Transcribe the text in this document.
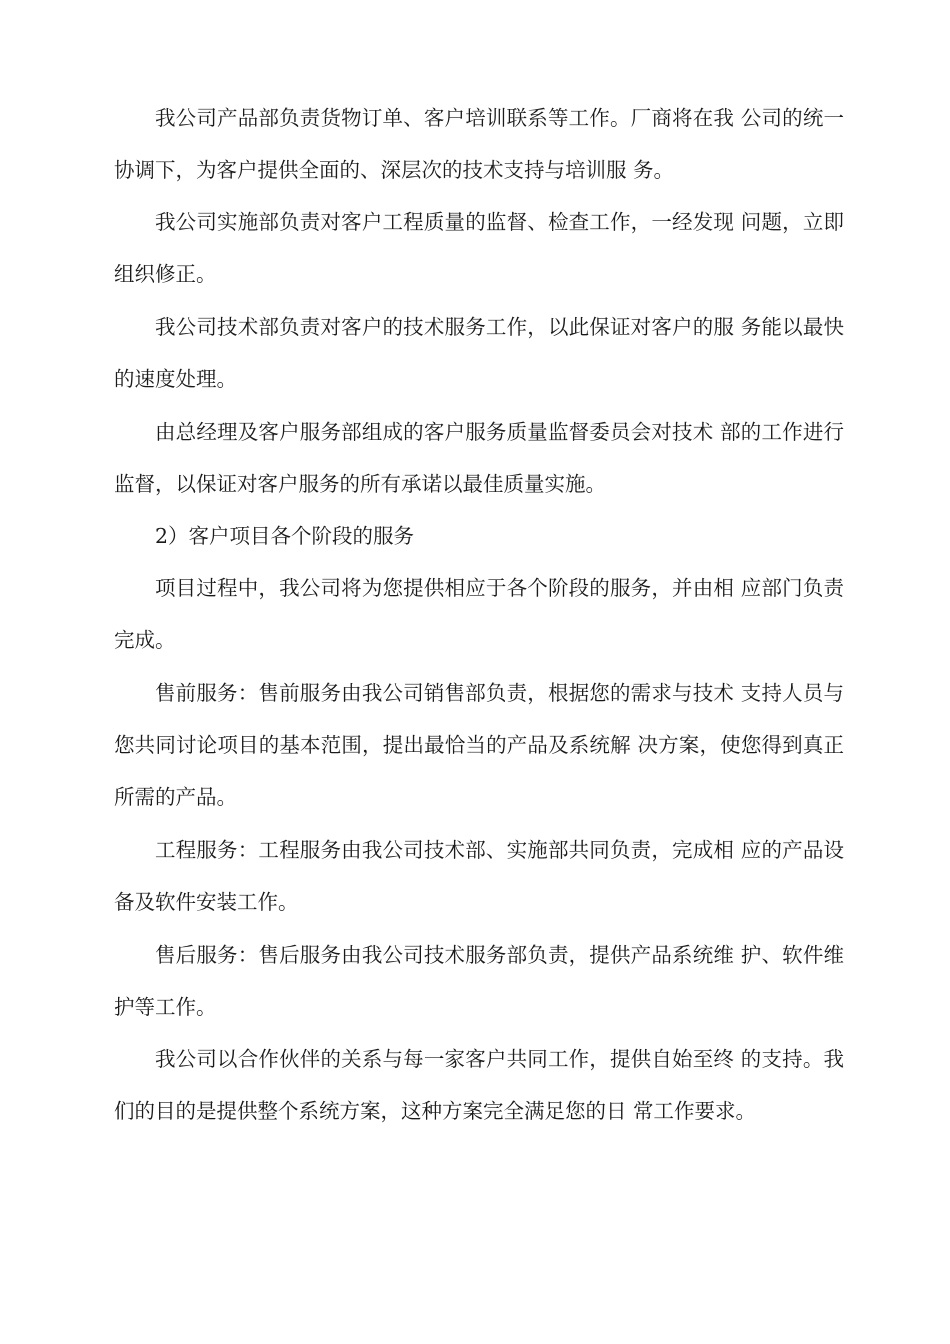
我公司产品部负责货物订单、客户培训联系等工作。厂商将在我 公司的统一协调下，为客户提供全面的、深层次的技术支持与培训服 务。

我公司实施部负责对客户工程质量的监督、检查工作，一经发现 问题，立即组织修正。

我公司技术部负责对客户的技术服务工作，以此保证对客户的服 务能以最快的速度处理。

由总经理及客户服务部组成的客户服务质量监督委员会对技术 部的工作进行监督，以保证对客户服务的所有承诺以最佳质量实施。

2）客户项目各个阶段的服务

项目过程中，我公司将为您提供相应于各个阶段的服务，并由相 应部门负责完成。

售前服务：售前服务由我公司销售部负责，根据您的需求与技术 支持人员与您共同讨论项目的基本范围，提出最恰当的产品及系统解 决方案，使您得到真正所需的产品。

工程服务：工程服务由我公司技术部、实施部共同负责，完成相 应的产品设备及软件安装工作。

售后服务：售后服务由我公司技术服务部负责，提供产品系统维 护、软件维护等工作。

我公司以合作伙伴的关系与每一家客户共同工作，提供自始至终 的支持。我们的目的是提供整个系统方案，这种方案完全满足您的日 常工作要求。
